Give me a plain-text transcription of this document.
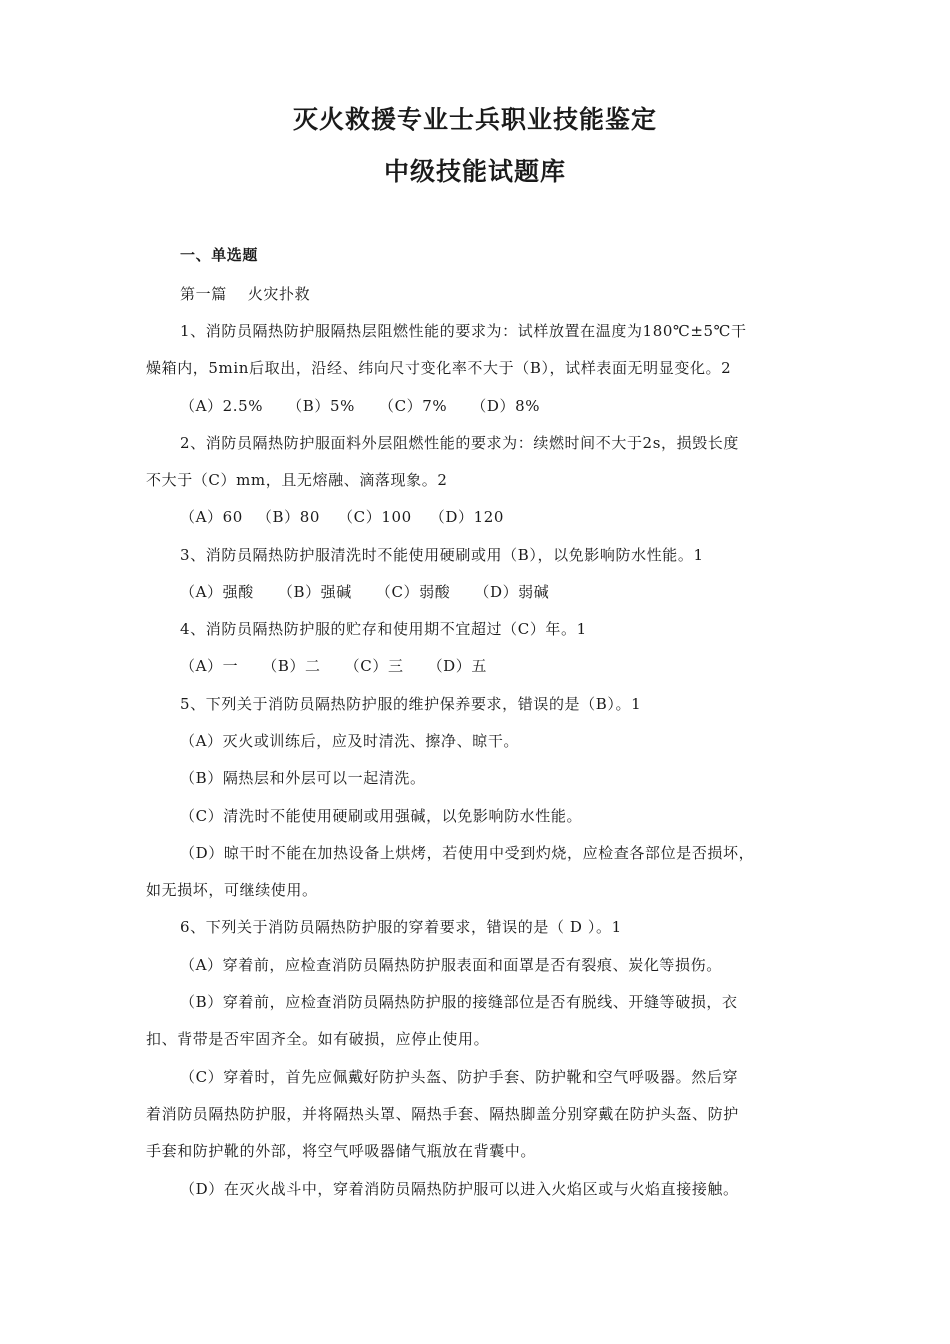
灭火救援专业士兵职业技能鉴定
中级技能试题库
一、单选题
第一篇　 火灾扑救
1、消防员隔热防护服隔热层阻燃性能的要求为：试样放置在温度为180℃±5℃干
燥箱内，5min后取出，沿经、纬向尺寸变化率不大于（B），试样表面无明显变化。2
（A）2.5% （B）5% （C）7% （D）8%
2、消防员隔热防护服面料外层阻燃性能的要求为：续燃时间不大于2s，损毁长度
不大于（C）mm，且无熔融、滴落现象。2
（A）60 （B）80 （C）100 （D）120
3、消防员隔热防护服清洗时不能使用硬刷或用（B），以免影响防水性能。1
（A）强酸 （B）强碱 （C）弱酸 （D）弱碱
4、消防员隔热防护服的贮存和使用期不宜超过（C）年。1
（A）一 （B）二 （C）三 （D）五
5、下列关于消防员隔热防护服的维护保养要求，错误的是（B）。1
（A）灭火或训练后，应及时清洗、擦净、晾干。
（B）隔热层和外层可以一起清洗。
（C）清洗时不能使用硬刷或用强碱，以免影响防水性能。
（D）晾干时不能在加热设备上烘烤，若使用中受到灼烧，应检查各部位是否损坏，
如无损坏，可继续使用。
6、下列关于消防员隔热防护服的穿着要求，错误的是（ D ）。1
（A）穿着前，应检查消防员隔热防护服表面和面罩是否有裂痕、炭化等损伤。
（B）穿着前，应检查消防员隔热防护服的接缝部位是否有脱线、开缝等破损，衣
扣、背带是否牢固齐全。如有破损，应停止使用。
（C）穿着时，首先应佩戴好防护头盔、防护手套、防护靴和空气呼吸器。然后穿
着消防员隔热防护服，并将隔热头罩、隔热手套、隔热脚盖分别穿戴在防护头盔、防护
手套和防护靴的外部，将空气呼吸器储气瓶放在背囊中。
（D）在灭火战斗中，穿着消防员隔热防护服可以进入火焰区或与火焰直接接触。
